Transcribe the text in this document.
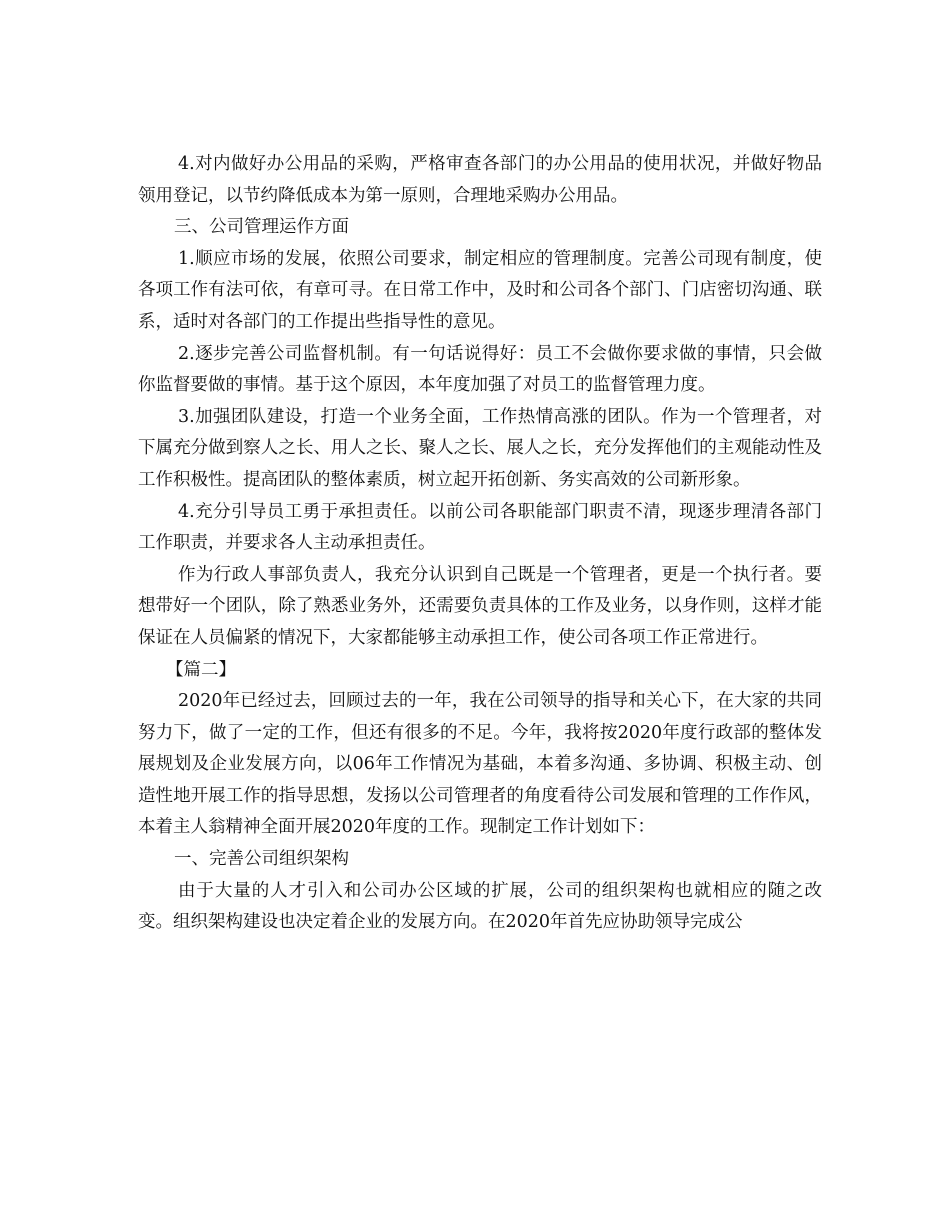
4.对内做好办公用品的采购，严格审查各部门的办公用品的使用状况，并做好物品领用登记，以节约降低成本为第一原则，合理地采购办公用品。

三、公司管理运作方面

1.顺应市场的发展，依照公司要求，制定相应的管理制度。完善公司现有制度，使各项工作有法可依，有章可寻。在日常工作中，及时和公司各个部门、门店密切沟通、联系，适时对各部门的工作提出些指导性的意见。

2.逐步完善公司监督机制。有一句话说得好：员工不会做你要求做的事情，只会做你监督要做的事情。基于这个原因，本年度加强了对员工的监督管理力度。

3.加强团队建设，打造一个业务全面，工作热情高涨的团队。作为一个管理者，对下属充分做到察人之长、用人之长、聚人之长、展人之长，充分发挥他们的主观能动性及工作积极性。提高团队的整体素质，树立起开拓创新、务实高效的公司新形象。

4.充分引导员工勇于承担责任。以前公司各职能部门职责不清，现逐步理清各部门工作职责，并要求各人主动承担责任。

作为行政人事部负责人，我充分认识到自己既是一个管理者，更是一个执行者。要想带好一个团队，除了熟悉业务外，还需要负责具体的工作及业务，以身作则，这样才能保证在人员偏紧的情况下，大家都能够主动承担工作，使公司各项工作正常进行。

【篇二】

2020年已经过去，回顾过去的一年，我在公司领导的指导和关心下，在大家的共同努力下，做了一定的工作，但还有很多的不足。今年，我将按2020年度行政部的整体发展规划及企业发展方向，以06年工作情况为基础，本着多沟通、多协调、积极主动、创造性地开展工作的指导思想，发扬以公司管理者的角度看待公司发展和管理的工作作风，本着主人翁精神全面开展2020年度的工作。现制定工作计划如下：

一、完善公司组织架构

由于大量的人才引入和公司办公区域的扩展，公司的组织架构也就相应的随之改变。组织架构建设也决定着企业的发展方向。在2020年首先应协助领导完成公
